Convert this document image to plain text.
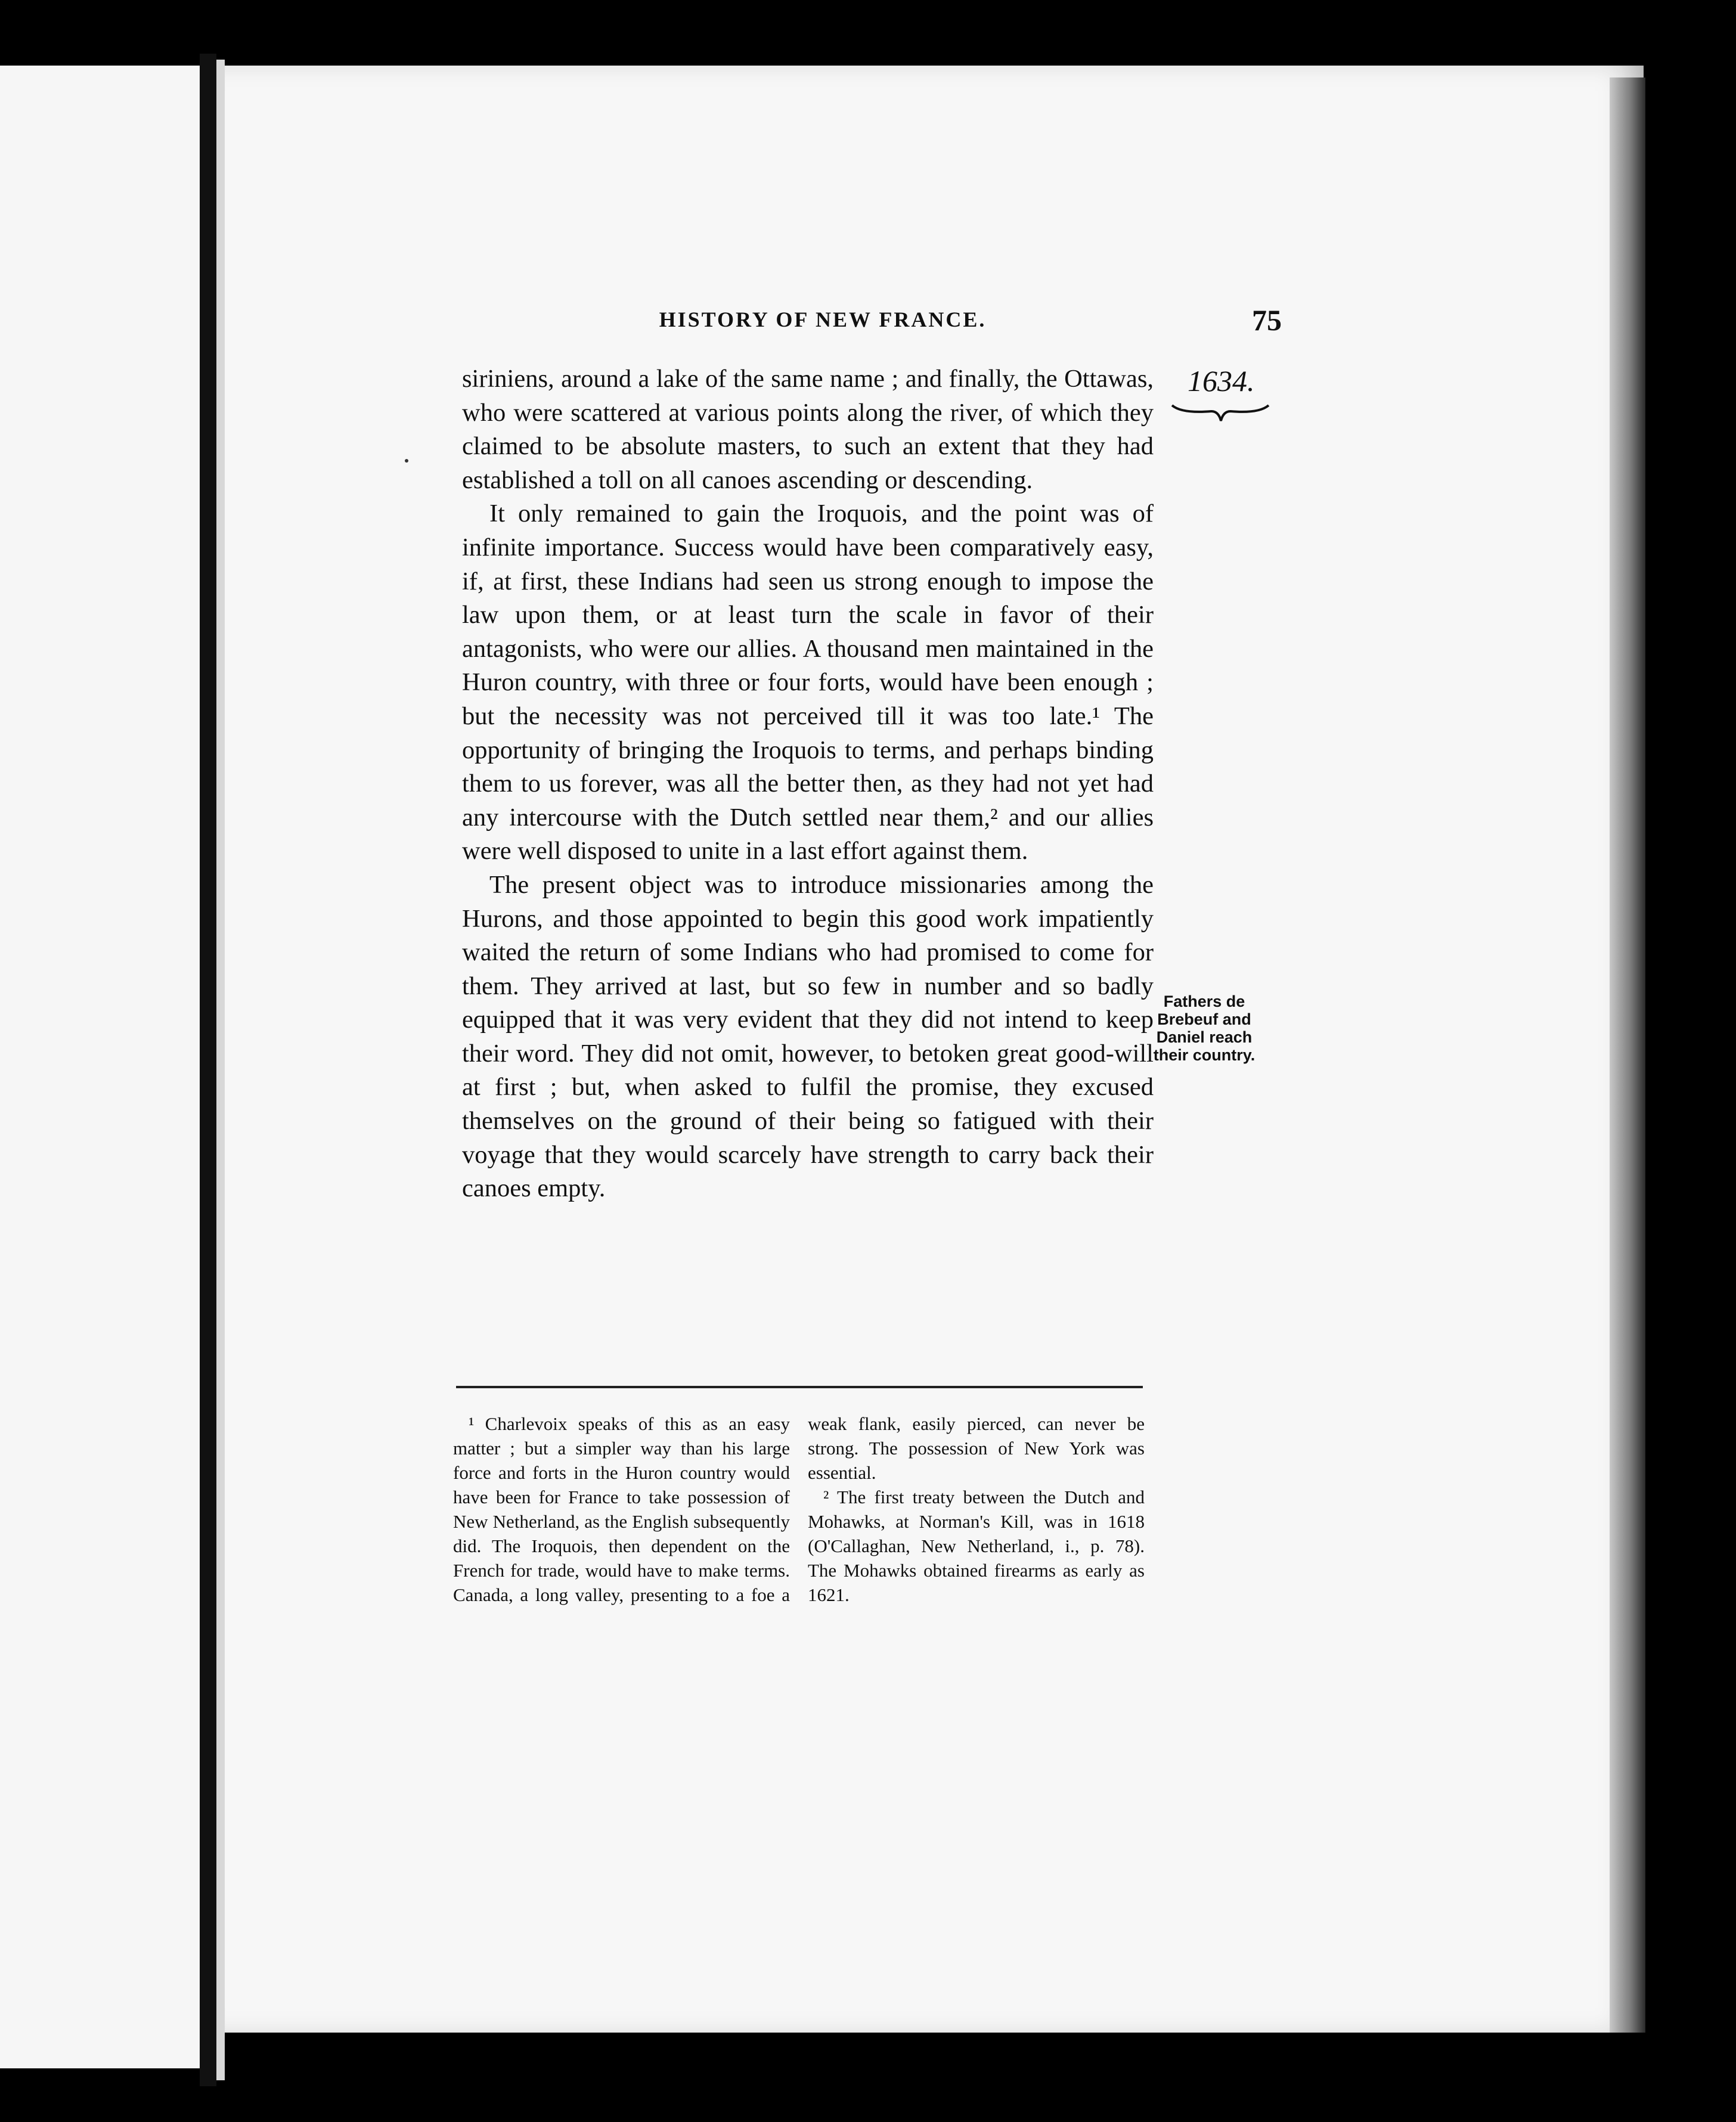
HISTORY OF NEW FRANCE.	75
1634.

siriniens, around a lake of the same name ; and finally, the Ottawas, who were scattered at various points along the river, of which they claimed to be absolute masters, to such an extent that they had established a toll on all canoes ascending or descending.

It only remained to gain the Iroquois, and the point was of infinite importance. Success would have been comparatively easy, if, at first, these Indians had seen us strong enough to impose the law upon them, or at least turn the scale in favor of their antagonists, who were our allies. A thousand men maintained in the Huron country, with three or four forts, would have been enough ; but the necessity was not perceived till it was too late.¹ The opportunity of bringing the Iroquois to terms, and perhaps binding them to us forever, was all the better then, as they had not yet had any intercourse with the Dutch settled near them,² and our allies were well disposed to unite in a last effort against them.

The present object was to introduce missionaries among the Hurons, and those appointed to begin this good work impatiently waited the return of some Indians who had promised to come for them. They arrived at last, but so few in number and so badly equipped that it was very evident that they did not intend to keep their word. They did not omit, however, to betoken great good-will at first ; but, when asked to fulfil the promise, they excused themselves on the ground of their being so fatigued with their voyage that they would scarcely have strength to carry back their canoes empty.

Fathers de Brebeuf and Daniel reach their country.

¹ Charlevoix speaks of this as an easy matter ; but a simpler way than his large force and forts in the Huron country would have been for France to take possession of New Netherland, as the English subsequently did. The Iroquois, then dependent on the French for trade, would have to make terms. Canada, a long valley, presenting to a foe a weak flank, easily pierced, can never be strong. The possession of New York was essential.

² The first treaty between the Dutch and Mohawks, at Norman's Kill, was in 1618 (O'Callaghan, New Netherland, i., p. 78). The Mohawks obtained firearms as early as 1621.
